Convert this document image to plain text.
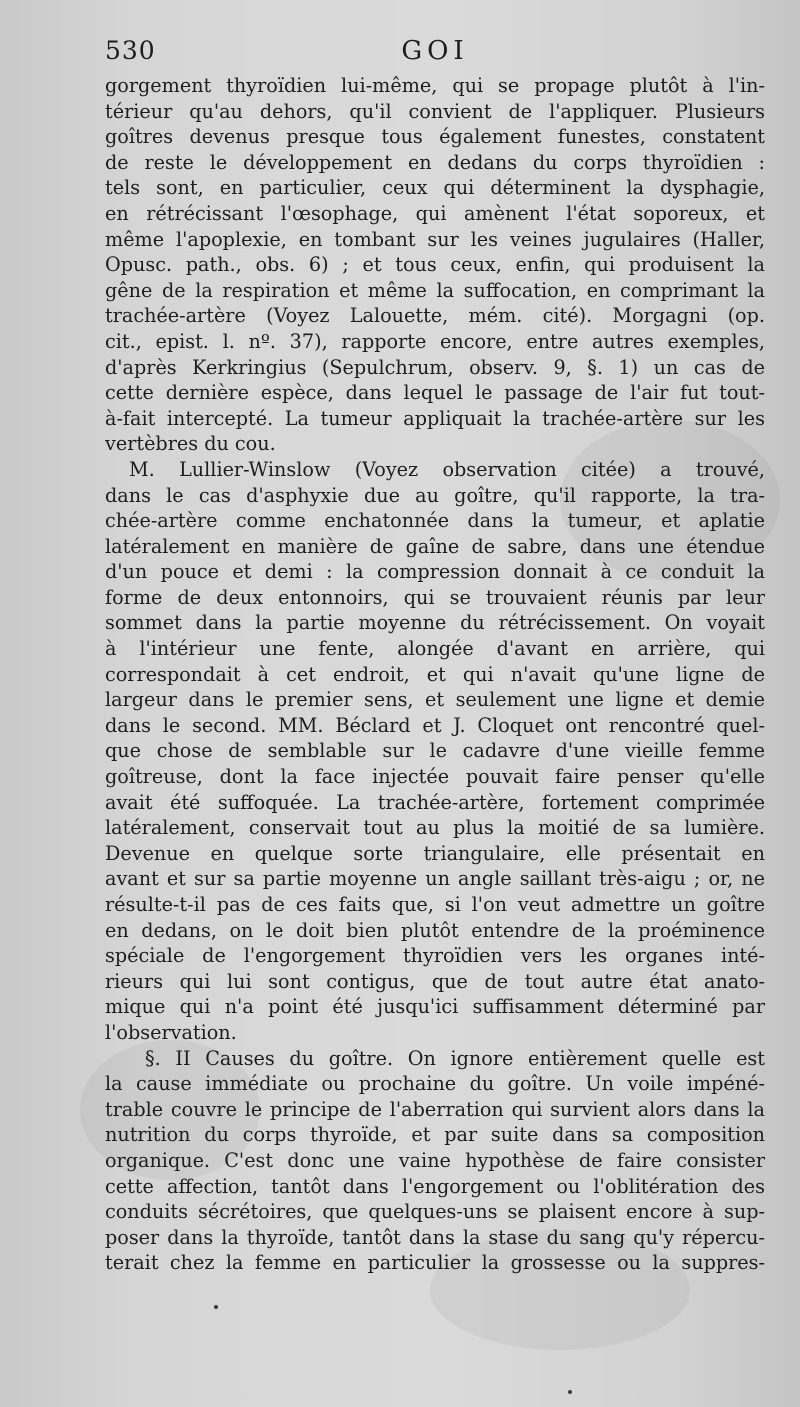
530	GOI
gorgement thyroïdien lui-même, qui se propage plutôt à l'in-
térieur qu'au dehors, qu'il convient de l'appliquer. Plusieurs
goîtres devenus presque tous également funestes, constatent
de reste le développement en dedans du corps thyroïdien :
tels sont, en particulier, ceux qui déterminent la dysphagie,
en rétrécissant l'œsophage, qui amènent l'état soporeux, et
même l'apoplexie, en tombant sur les veines jugulaires (Haller,
Opusc. path., obs. 6) ; et tous ceux, enfin, qui produisent la
gêne de la respiration et même la suffocation, en comprimant la
trachée-artère (Voyez Lalouette, mém. cité). Morgagni (op.
cit., epist. l. nº. 37), rapporte encore, entre autres exemples,
d'après Kerkringius (Sepulchrum, observ. 9, §. 1) un cas de
cette dernière espèce, dans lequel le passage de l'air fut tout-
à-fait intercepté. La tumeur appliquait la trachée-artère sur les
vertèbres du cou.
M. Lullier-Winslow (Voyez observation citée) a trouvé,
dans le cas d'asphyxie due au goître, qu'il rapporte, la tra-
chée-artère comme enchatonnée dans la tumeur, et aplatie
latéralement en manière de gaîne de sabre, dans une étendue
d'un pouce et demi : la compression donnait à ce conduit la
forme de deux entonnoirs, qui se trouvaient réunis par leur
sommet dans la partie moyenne du rétrécissement. On voyait
à l'intérieur une fente, alongée d'avant en arrière, qui
correspondait à cet endroit, et qui n'avait qu'une ligne de
largeur dans le premier sens, et seulement une ligne et demie
dans le second. MM. Béclard et J. Cloquet ont rencontré quel-
que chose de semblable sur le cadavre d'une vieille femme
goîtreuse, dont la face injectée pouvait faire penser qu'elle
avait été suffoquée. La trachée-artère, fortement comprimée
latéralement, conservait tout au plus la moitié de sa lumière.
Devenue en quelque sorte triangulaire, elle présentait en
avant et sur sa partie moyenne un angle saillant très-aigu ; or, ne
résulte-t-il pas de ces faits que, si l'on veut admettre un goître
en dedans, on le doit bien plutôt entendre de la proéminence
spéciale de l'engorgement thyroïdien vers les organes inté-
rieurs qui lui sont contigus, que de tout autre état anato-
mique qui n'a point été jusqu'ici suffisamment déterminé par
l'observation.
§. II Causes du goître. On ignore entièrement quelle est
la cause immédiate ou prochaine du goître. Un voile impéné-
trable couvre le principe de l'aberration qui survient alors dans la
nutrition du corps thyroïde, et par suite dans sa composition
organique. C'est donc une vaine hypothèse de faire consister
cette affection, tantôt dans l'engorgement ou l'oblitération des
conduits sécrétoires, que quelques-uns se plaisent encore à sup-
poser dans la thyroïde, tantôt dans la stase du sang qu'y répercu-
terait chez la femme en particulier la grossesse ou la suppres-
